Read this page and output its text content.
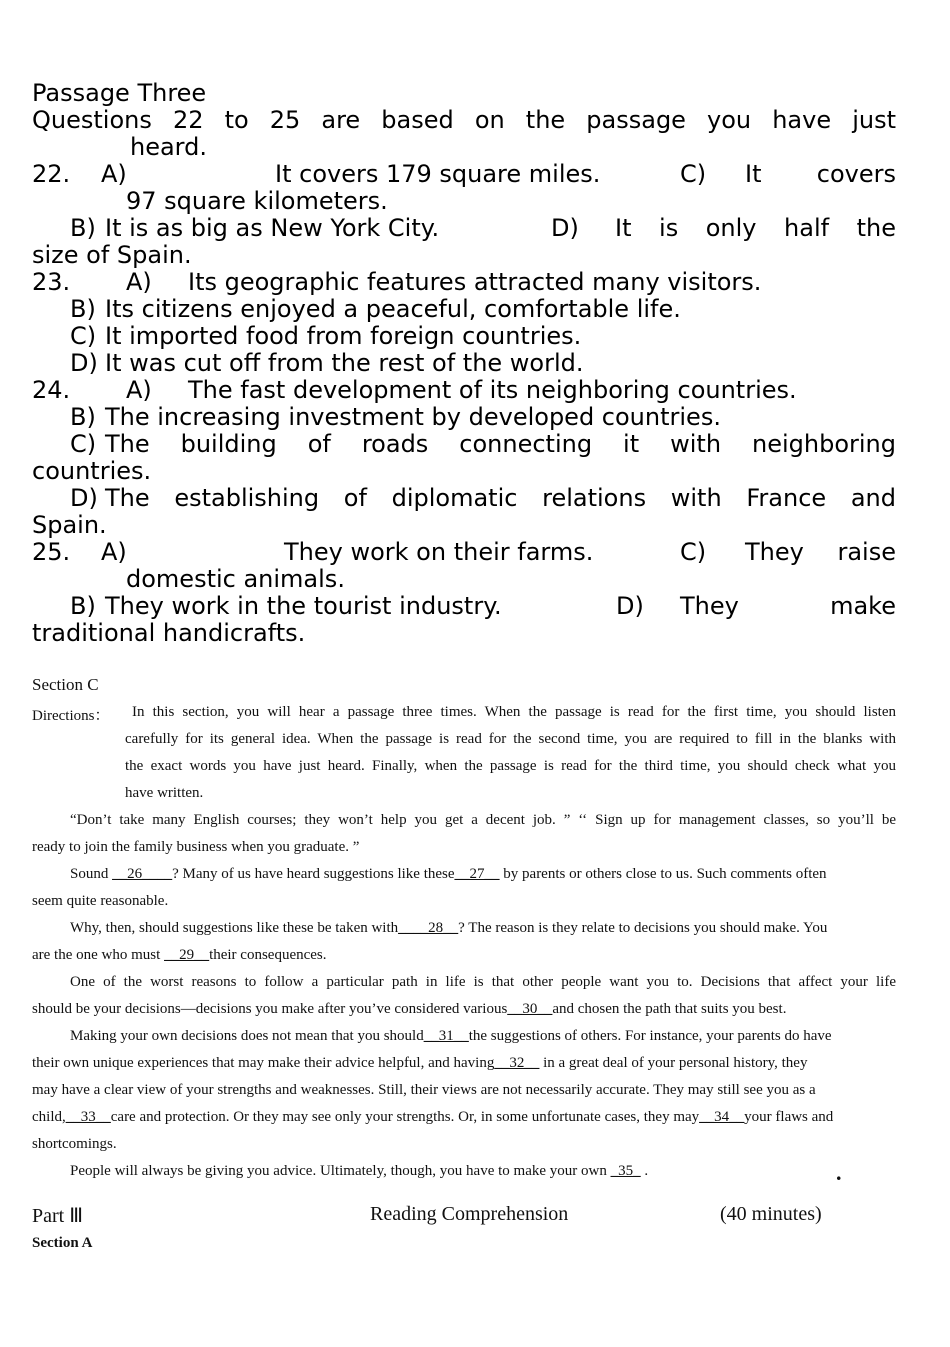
Passage Three
Questions 22 to 25 are based on the passage you have just
heard.
22. A)	It covers 179 square miles.	C) It covers
97 square kilometers.
B) It is as big as New York City.	D) It is only half the
size of Spain.
23. A) Its geographic features attracted many visitors.
B) Its citizens enjoyed a peaceful, comfortable life.
C) It imported food from foreign countries.
D) It was cut off from the rest of the world.
24. A) The fast development of its neighboring countries.
B) The increasing investment by developed countries.
C) The building of roads connecting it with neighboring
countries.
D) The establishing of diplomatic relations with France and
Spain.
25. A)	They work on their farms.	C) They raise
domestic animals.
B) They work in the tourist industry.	D) They	make
traditional handicrafts.
Section C
Directions： In this section, you will hear a passage three times. When the passage is read for the first time, you should listen
carefully for its general idea. When the passage is read for the second time, you are required to fill in the blanks with
the exact words you have just heard. Finally, when the passage is read for the third time, you should check what you
have written.
“Don’t take many English courses; they won’t help you get a decent job. ” ‘‘ Sign up for management classes, so you’ll be
ready to join the family business when you graduate. ”
Sound __26____? Many of us have heard suggestions like these__27__ by parents or others close to us. Such comments often
seem quite reasonable.
Why, then, should suggestions like these be taken with____28__? The reason is they relate to decisions you should make. You
are the one who must __29__their consequences.
One of the worst reasons to follow a particular path in life is that other people want you to. Decisions that affect your life
should be your decisions—decisions you make after you’ve considered various__30__and chosen the path that suits you best.
Making your own decisions does not mean that you should__31__the suggestions of others. For instance, your parents do have
their own unique experiences that may make their advice helpful, and having__32__ in a great deal of your personal history, they
may have a clear view of your strengths and weaknesses. Still, their views are not necessarily accurate. They may still see you as a
child,__33__care and protection. Or they may see only your strengths. Or, in some unfortunate cases, they may__34__your flaws and
shortcomings.
People will always be giving you advice. Ultimately, though, you have to make your own _35_ .	.
Part Ⅲ	Reading Comprehension	(40 minutes)
Section A
